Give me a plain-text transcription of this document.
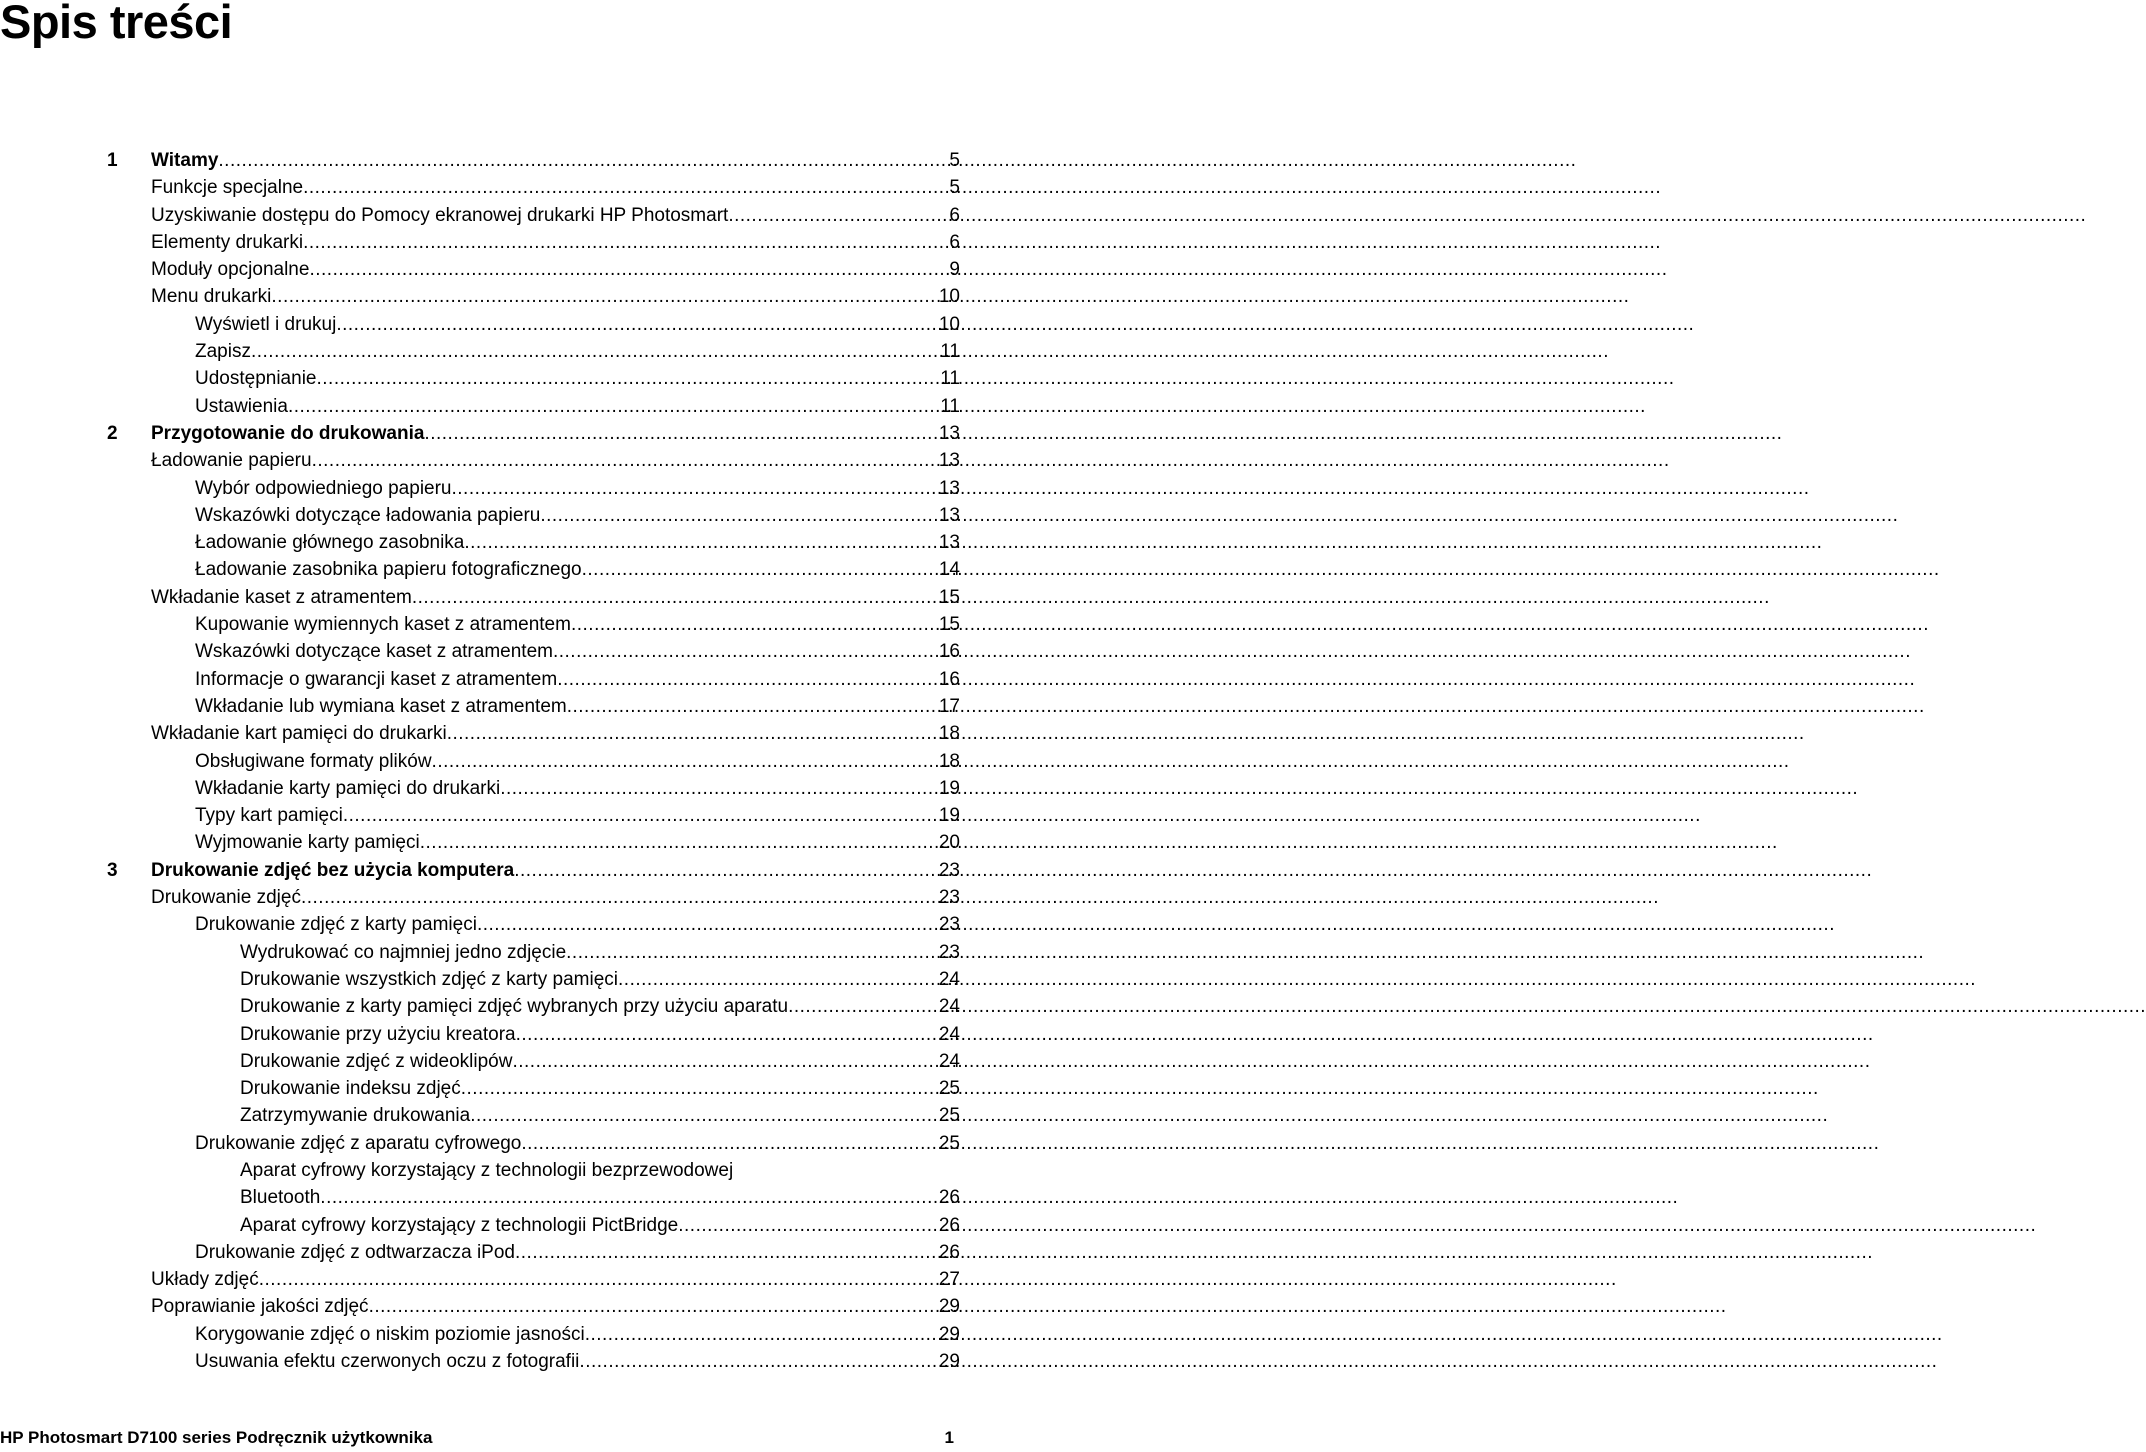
Spis treści
1 Witamy .....	5
Funkcje specjalne .....	5
Uzyskiwanie dostępu do Pomocy ekranowej drukarki HP Photosmart .....	6
Elementy drukarki .....	6
Moduły opcjonalne .....	9
Menu drukarki .....	10
Wyświetl i drukuj .....	10
Zapisz .....	11
Udostępnianie .....	11
Ustawienia .....	11
2 Przygotowanie do drukowania .....	13
Ładowanie papieru .....	13
Wybór odpowiedniego papieru .....	13
Wskazówki dotyczące ładowania papieru .....	13
Ładowanie głównego zasobnika .....	13
Ładowanie zasobnika papieru fotograficznego .....	14
Wkładanie kaset z atramentem .....	15
Kupowanie wymiennych kaset z atramentem .....	15
Wskazówki dotyczące kaset z atramentem .....	16
Informacje o gwarancji kaset z atramentem .....	16
Wkładanie lub wymiana kaset z atramentem .....	17
Wkładanie kart pamięci do drukarki .....	18
Obsługiwane formaty plików .....	18
Wkładanie karty pamięci do drukarki .....	19
Typy kart pamięci .....	19
Wyjmowanie karty pamięci .....	20
3 Drukowanie zdjęć bez użycia komputera .....	23
Drukowanie zdjęć .....	23
Drukowanie zdjęć z karty pamięci .....	23
Wydrukować co najmniej jedno zdjęcie .....	23
Drukowanie wszystkich zdjęć z karty pamięci .....	24
Drukowanie z karty pamięci zdjęć wybranych przy użyciu aparatu .....	24
Drukowanie przy użyciu kreatora .....	24
Drukowanie zdjęć z wideoklipów .....	24
Drukowanie indeksu zdjęć .....	25
Zatrzymywanie drukowania .....	25
Drukowanie zdjęć z aparatu cyfrowego .....	25
Aparat cyfrowy korzystający z technologii bezprzewodowej
Bluetooth .....	26
Aparat cyfrowy korzystający z technologii PictBridge .....	26
Drukowanie zdjęć z odtwarzacza iPod .....	26
Układy zdjęć .....	27
Poprawianie jakości zdjęć .....	29
Korygowanie zdjęć o niskim poziomie jasności .....	29
Usuwania efektu czerwonych oczu z fotografii .....	29
HP Photosmart D7100 series Podręcznik użytkownika	1
